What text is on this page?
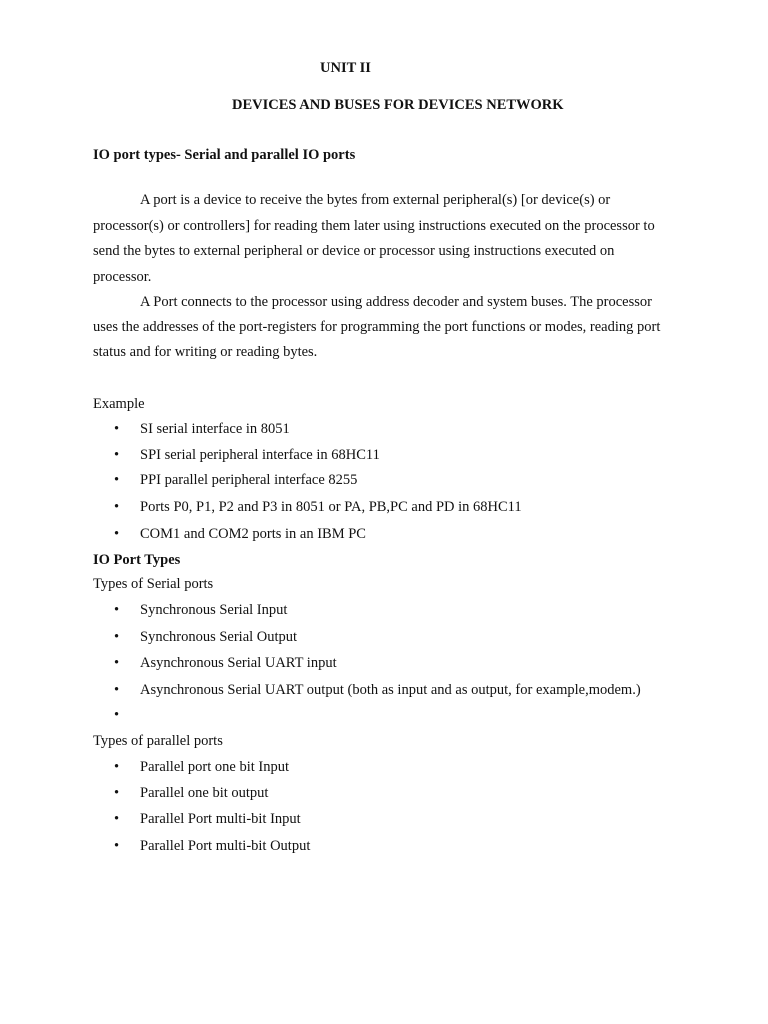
UNIT II
DEVICES AND BUSES FOR DEVICES NETWORK
IO port types- Serial and parallel IO ports
A port is a device to receive the bytes from external peripheral(s) [or device(s) or
processor(s) or controllers] for reading them later using instructions executed on the processor to
send the bytes to external peripheral or device or processor using instructions executed on
processor.
A Port connects to the processor using address decoder and system buses. The processor
uses the addresses of the port-registers for programming the port functions or modes, reading port
status and for writing or reading bytes.
Example
• SI serial interface in 8051
• SPI serial peripheral interface in 68HC11
• PPI parallel peripheral interface 8255
• Ports P0, P1, P2 and P3 in 8051 or PA, PB,PC and PD in 68HC11
• COM1 and COM2 ports in an IBM PC
IO Port Types
Types of Serial ports
• Synchronous Serial Input
• Synchronous Serial Output
• Asynchronous Serial UART input
• Asynchronous Serial UART output (both as input and as output, for example,modem.)
•
Types of parallel ports
• Parallel port one bit Input
• Parallel one bit output
• Parallel Port multi-bit Input
• Parallel Port multi-bit Output
